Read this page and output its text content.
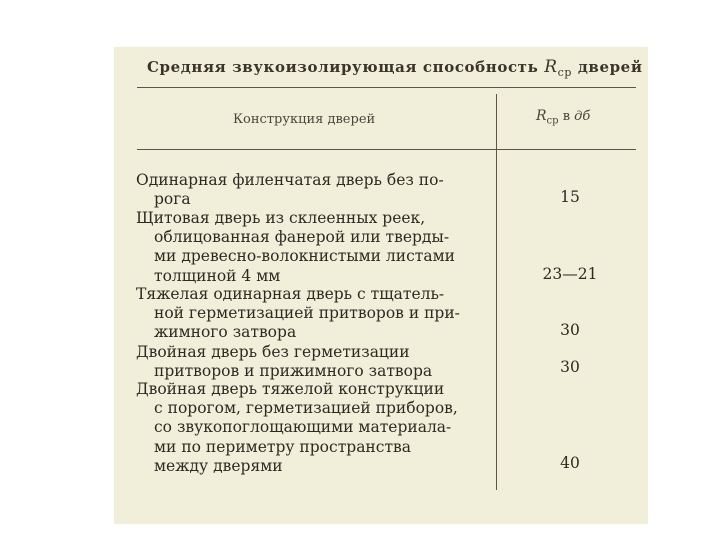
Средняя звукоизолирующая способность $R_{ср}$ дверей
Конструкция дверей	$R_{ср}$ в дб
Одинарная филенчатая дверь без по-
рога	15
Щитовая дверь из склеенных реек,
облицованная фанерой или тверды-
ми древесно-волокнистыми листами
толщиной 4 мм	23—21
Тяжелая одинарная дверь с тщатель-
ной герметизацией притворов и при-
жимного затвора	30
Двойная дверь без герметизации
притворов и прижимного затвора	30
Двойная дверь тяжелой конструкции
с порогом, герметизацией приборов,
со звукопоглощающими материала-
ми по периметру пространства
между дверями	40
